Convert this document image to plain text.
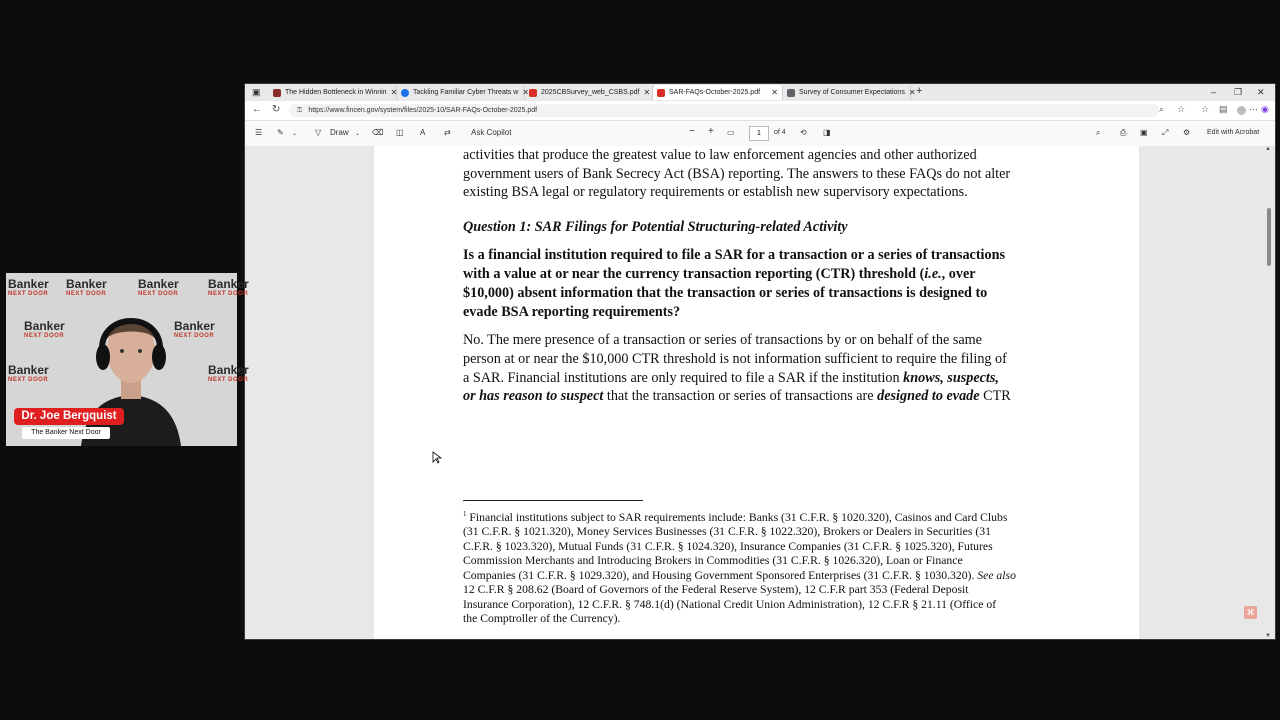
▣	The Hidden Bottleneck in Winnin ✕ Tackling Familiar Cyber Threats w ✕ 2025CBSurvey_web_CSBS.pdf ✕	SAR-FAQs-October-2025.pdf	✕	Survey of Consumer Expectations ✕ +	– ❐ ✕
← ↻ ⚿ https://www.fincen.gov/system/files/2025-10/SAR-FAQs-October-2025.pdf	⌕ ☆ ☆ ▤ ⋯ ◉
☰ ✎ ⌄ ▽ Draw ⌄ ⌫ ◫ A ⇄	Ask Copilot	− + ▭	1	of 4 ⟲ ◨	⌕ ⎙ ▣ ⤢ ⚙ Edit with Acrobat
activities that produce the greatest value to law enforcement agencies and other authorized
government users of Bank Secrecy Act (BSA) reporting. The answers to these FAQs do not alter
existing BSA legal or regulatory requirements or establish new supervisory expectations.
Question 1: SAR Filings for Potential Structuring-related Activity
Is a financial institution required to file a SAR for a transaction or a series of transactions
with a value at or near the currency transaction reporting (CTR) threshold (i.e., over
$10,000) absent information that the transaction or series of transactions is designed to
evade BSA reporting requirements?
No. The mere presence of a transaction or series of transactions by or on behalf of the same
person at or near the $10,000 CTR threshold is not information sufficient to require the filing of
a SAR. Financial institutions are only required to file a SAR if the institution knows, suspects,
or has reason to suspect that the transaction or series of transactions are designed to evade CTR
$^1$ Financial institutions subject to SAR requirements include: Banks (31 C.F.R. § 1020.320), Casinos and Card Clubs
(31 C.F.R. § 1021.320), Money Services Businesses (31 C.F.R. § 1022.320), Brokers or Dealers in Securities (31
C.F.R. § 1023.320), Mutual Funds (31 C.F.R. § 1024.320), Insurance Companies (31 C.F.R. § 1025.320), Futures
Commission Merchants and Introducing Brokers in Commodities (31 C.F.R. § 1026.320), Loan or Finance
Companies (31 C.F.R. § 1029.320), and Housing Government Sponsored Enterprises (31 C.F.R. § 1030.320). See also
12 C.F.R § 208.62 (Board of Governors of the Federal Reserve System), 12 C.F.R part 353 (Federal Deposit
Insurance Corporation), 12 C.F.R. § 748.1(d) (National Credit Union Administration), 12 C.F.R § 21.11 (Office of
the Comptroller of the Currency).
▲
▼
⌘
Banker
NEXT DOOR
Banker
NEXT DOOR
Banker
NEXT DOOR
Banker
NEXT DOOR
Banker
NEXT DOOR
Banker
NEXT DOOR
Banker
NEXT DOOR
Banker
NEXT DOOR
Dr. Joe Bergquist
The Banker Next Door
